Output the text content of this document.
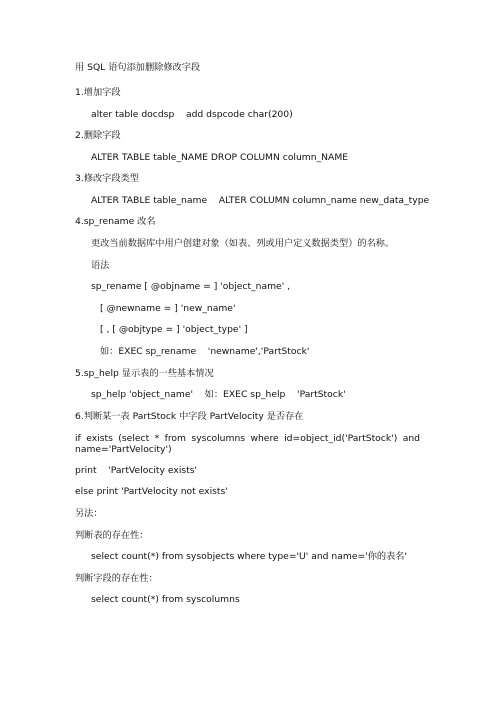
用 SQL 语句添加删除修改字段
1.增加字段
alter table docdsp    add dspcode char(200)
2.删除字段
ALTER TABLE table_NAME DROP COLUMN column_NAME
3.修改字段类型
ALTER TABLE table_name    ALTER COLUMN column_name new_data_type
4.sp_rename 改名
更改当前数据库中用户创建对象（如表、列或用户定义数据类型）的名称。
语法
sp_rename [ @objname = ] 'object_name' ,
[ @newname = ] 'new_name'
[ , [ @objtype = ] 'object_type' ]
如：EXEC sp_rename    'newname','PartStock'
5.sp_help 显示表的一些基本情况
sp_help 'object_name'    如：EXEC sp_help    'PartStock'
6.判断某一表 PartStock 中字段 PartVelocity 是否存在
if exists (select * from syscolumns where id=object_id('PartStock') and name='PartVelocity')
print    'PartVelocity exists'
else print 'PartVelocity not exists'
另法：
判断表的存在性：
select count(*) from sysobjects where type='U' and name='你的表名'
判断字段的存在性：
select count(*) from syscolumns
